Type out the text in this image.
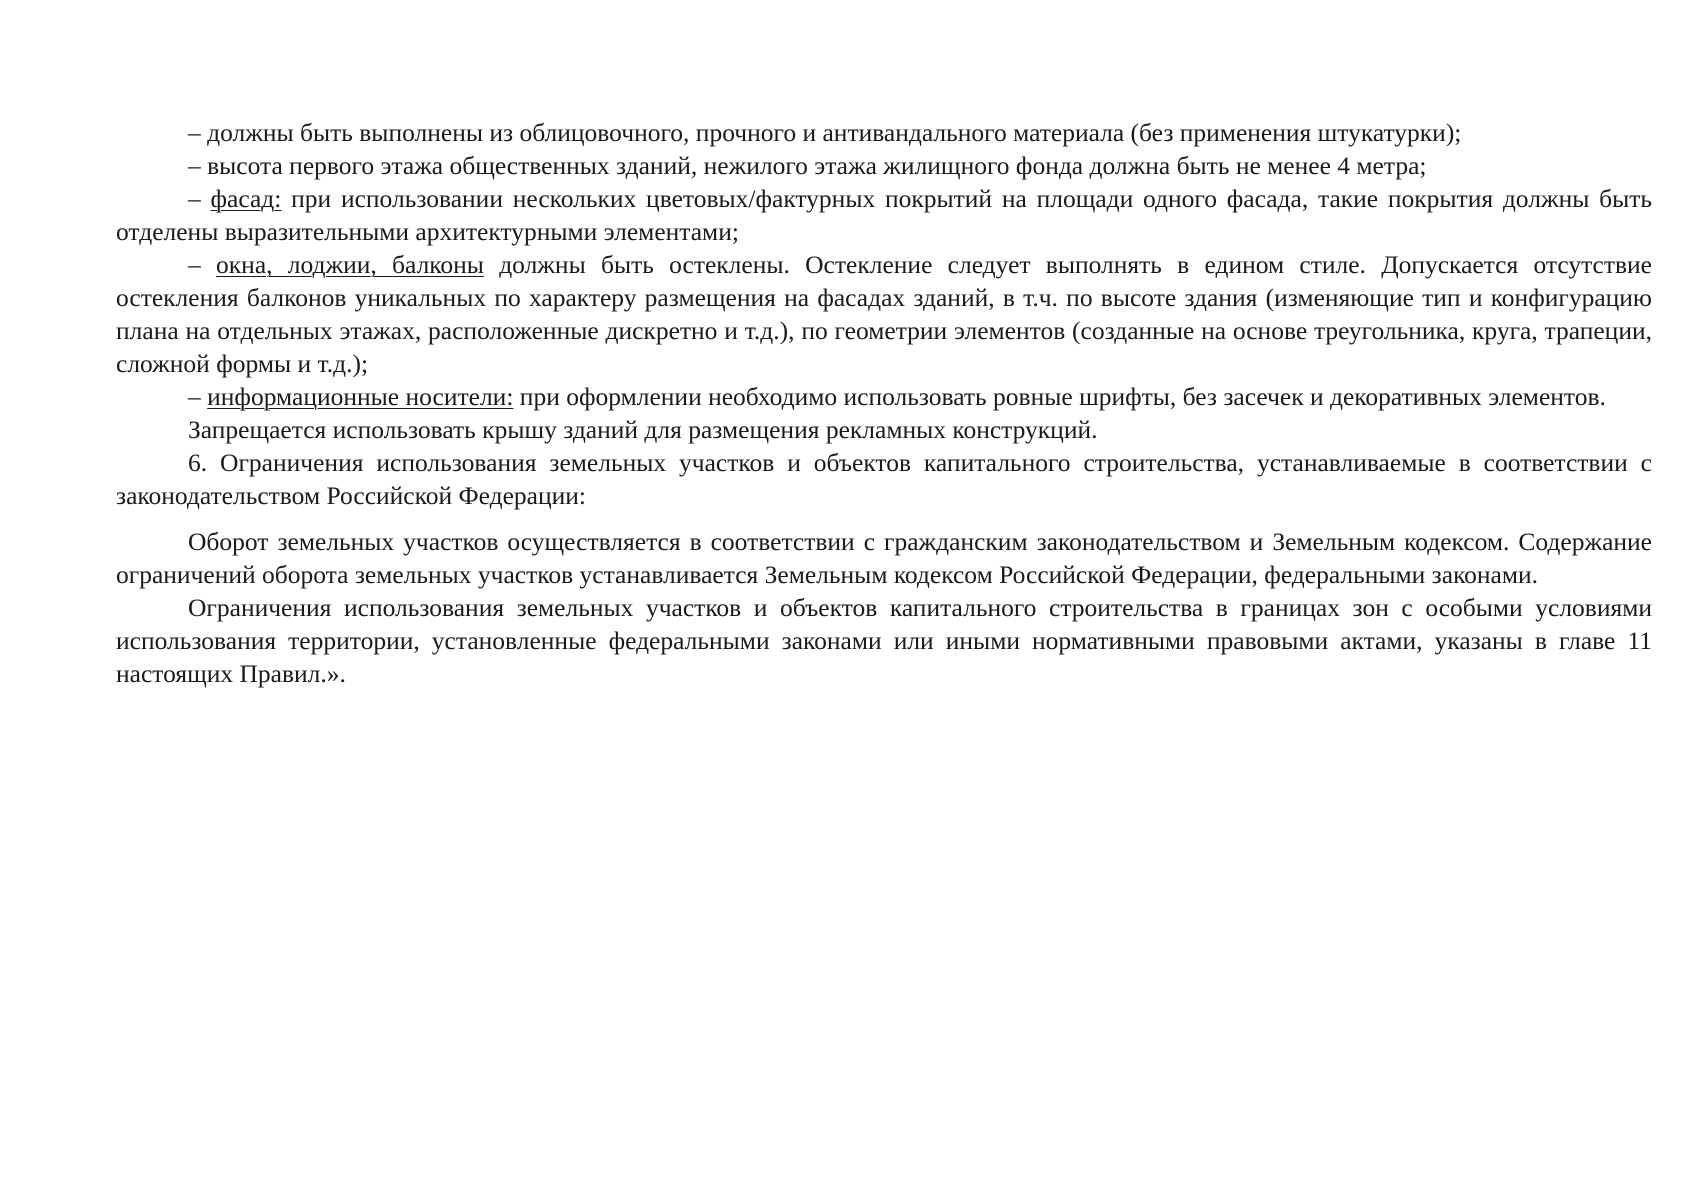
– должны быть выполнены из облицовочного, прочного и антивандального материала (без применения штукатурки);

– высота первого этажа общественных зданий, нежилого этажа жилищного фонда должна быть не менее 4 метра;

– фасад: при использовании нескольких цветовых/фактурных покрытий на площади одного фасада, такие покрытия должны быть отделены выразительными архитектурными элементами;

– окна, лоджии, балконы должны быть остеклены. Остекление следует выполнять в едином стиле. Допускается отсутствие остекления балконов уникальных по характеру размещения на фасадах зданий, в т.ч. по высоте здания (изменяющие тип и конфигурацию плана на отдельных этажах, расположенные дискретно и т.д.), по геометрии элементов (созданные на основе треугольника, круга, трапеции, сложной формы и т.д.);

– информационные носители: при оформлении необходимо использовать ровные шрифты, без засечек и декоративных элементов.

Запрещается использовать крышу зданий для размещения рекламных конструкций.

6. Ограничения использования земельных участков и объектов капитального строительства, устанавливаемые в соответствии с законодательством Российской Федерации:

Оборот земельных участков осуществляется в соответствии с гражданским законодательством и Земельным кодексом. Содержание ограничений оборота земельных участков устанавливается Земельным кодексом Российской Федерации, федеральными законами.

Ограничения использования земельных участков и объектов капитального строительства в границах зон с особыми условиями использования территории, установленные федеральными законами или иными нормативными правовыми актами, указаны в главе 11 настоящих Правил.».
